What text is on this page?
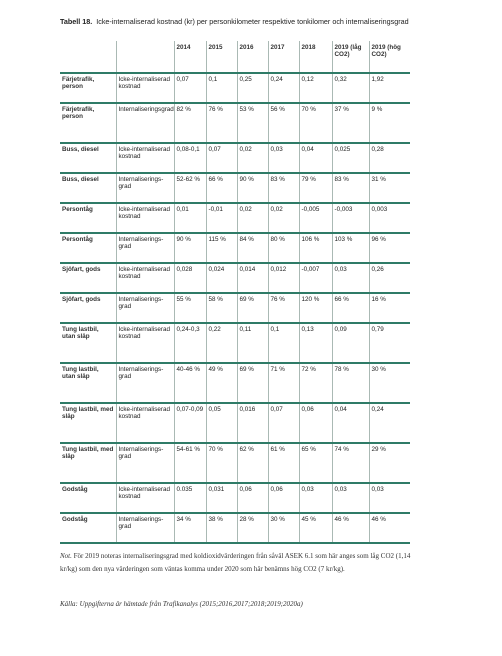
Tabell 18. Icke-internaliserad kostnad (kr) per personkilometer respektive tonkilomer och internaliseringsgrad
		2014	2015	2016	2017	2018	2019 (låg CO2)	2019 (hög CO2)
Färjetrafik, person	Icke-internaliserad kostnad	0,07	0,1	0,25	0,24	0,12	0,32	1,92
Färjetrafik, person	Internaliseringsgrad	82 %	76 %	53 %	56 %	70 %	37 %	9 %
Buss, diesel	Icke-internaliserad kostnad	0,08-0,1	0,07	0,02	0,03	0,04	0,025	0,28
Buss, diesel	Internaliserings-grad	52-62 %	66 %	90 %	83 %	79 %	83 %	31 %
Persontåg	Icke-internaliserad kostnad	0,01	-0,01	0,02	0,02	-0,005	-0,003	0,003
Persontåg	Internaliserings-grad	90 %	115 %	84 %	80 %	106 %	103 %	96 %
Sjöfart, gods	Icke-internaliserad kostnad	0,028	0,024	0,014	0,012	-0,007	0,03	0,26
Sjöfart, gods	Internaliserings-grad	55 %	58 %	69 %	76 %	120 %	66 %	16 %
Tung lastbil, utan släp	Icke-internaliserad kostnad	0,24-0,3	0,22	0,11	0,1	0,13	0,09	0,79
Tung lastbil, utan släp	Internaliserings-grad	40-46 %	49 %	69 %	71 %	72 %	78 %	30 %
Tung lastbil, med släp	Icke-internaliserad kostnad	0,07-0,09	0,05	0,016	0,07	0,06	0,04	0,24
Tung lastbil, med släp	Internaliserings-grad	54-61 %	70 %	62 %	61 %	65 %	74 %	29 %
Godståg	Icke-internaliserad kostnad	0.035	0,031	0,06	0,06	0,03	0,03	0,03
Godståg	Internaliserings-grad	34 %	38 %	28 %	30 %	45 %	46 %	46 %

Not. För 2019 noteras internaliseringsgrad med koldioxidvärderingen från såväl ASEK 6.1 som här anges som låg CO2 (1,14 kr/kg) som den nya värderingen som väntas komma under 2020 som här benämns hög CO2 (7 kr/kg).

Källa: Uppgifterna är hämtade från Trafikanalys (2015;2016,2017;2018;2019;2020a)
